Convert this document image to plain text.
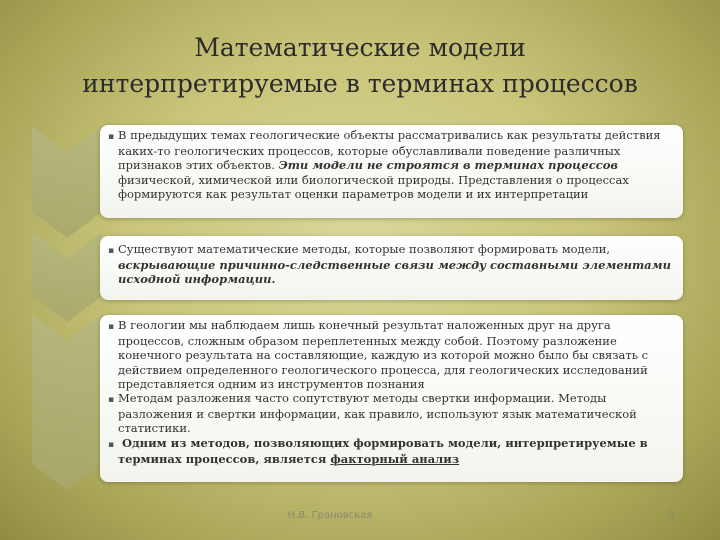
Математические модели
интерпретируемые в терминах процессов

▪ В предыдущих темах геологические объекты рассматривались как результаты действия каких-то геологических процессов, которые обуславливали поведение различных признаков этих объектов. Эти модели не строятся в терминах процессов физической, химической или биологической природы. Представления о процессах формируются как результат оценки параметров модели и их интерпретации

▪ Существуют математические методы, которые позволяют формировать модели, вскрывающие причинно-следственные связи между составными элементами исходной информации.

▪ В геологии мы наблюдаем лишь конечный результат наложенных друг на друга процессов, сложным образом переплетенных между собой. Поэтому разложение конечного результата на составляющие, каждую из которой можно было бы связать с действием определенного геологического процесса, для геологических исследований представляется одним из инструментов познания

▪ Методам разложения часто сопутствуют методы свертки информации. Методы разложения и свертки информации, как правило, используют язык математической статистики.

▪ Одним из методов, позволяющих формировать модели, интерпретируемые в терминах процессов, является факторный анализ

Н.В. Грановская	3
